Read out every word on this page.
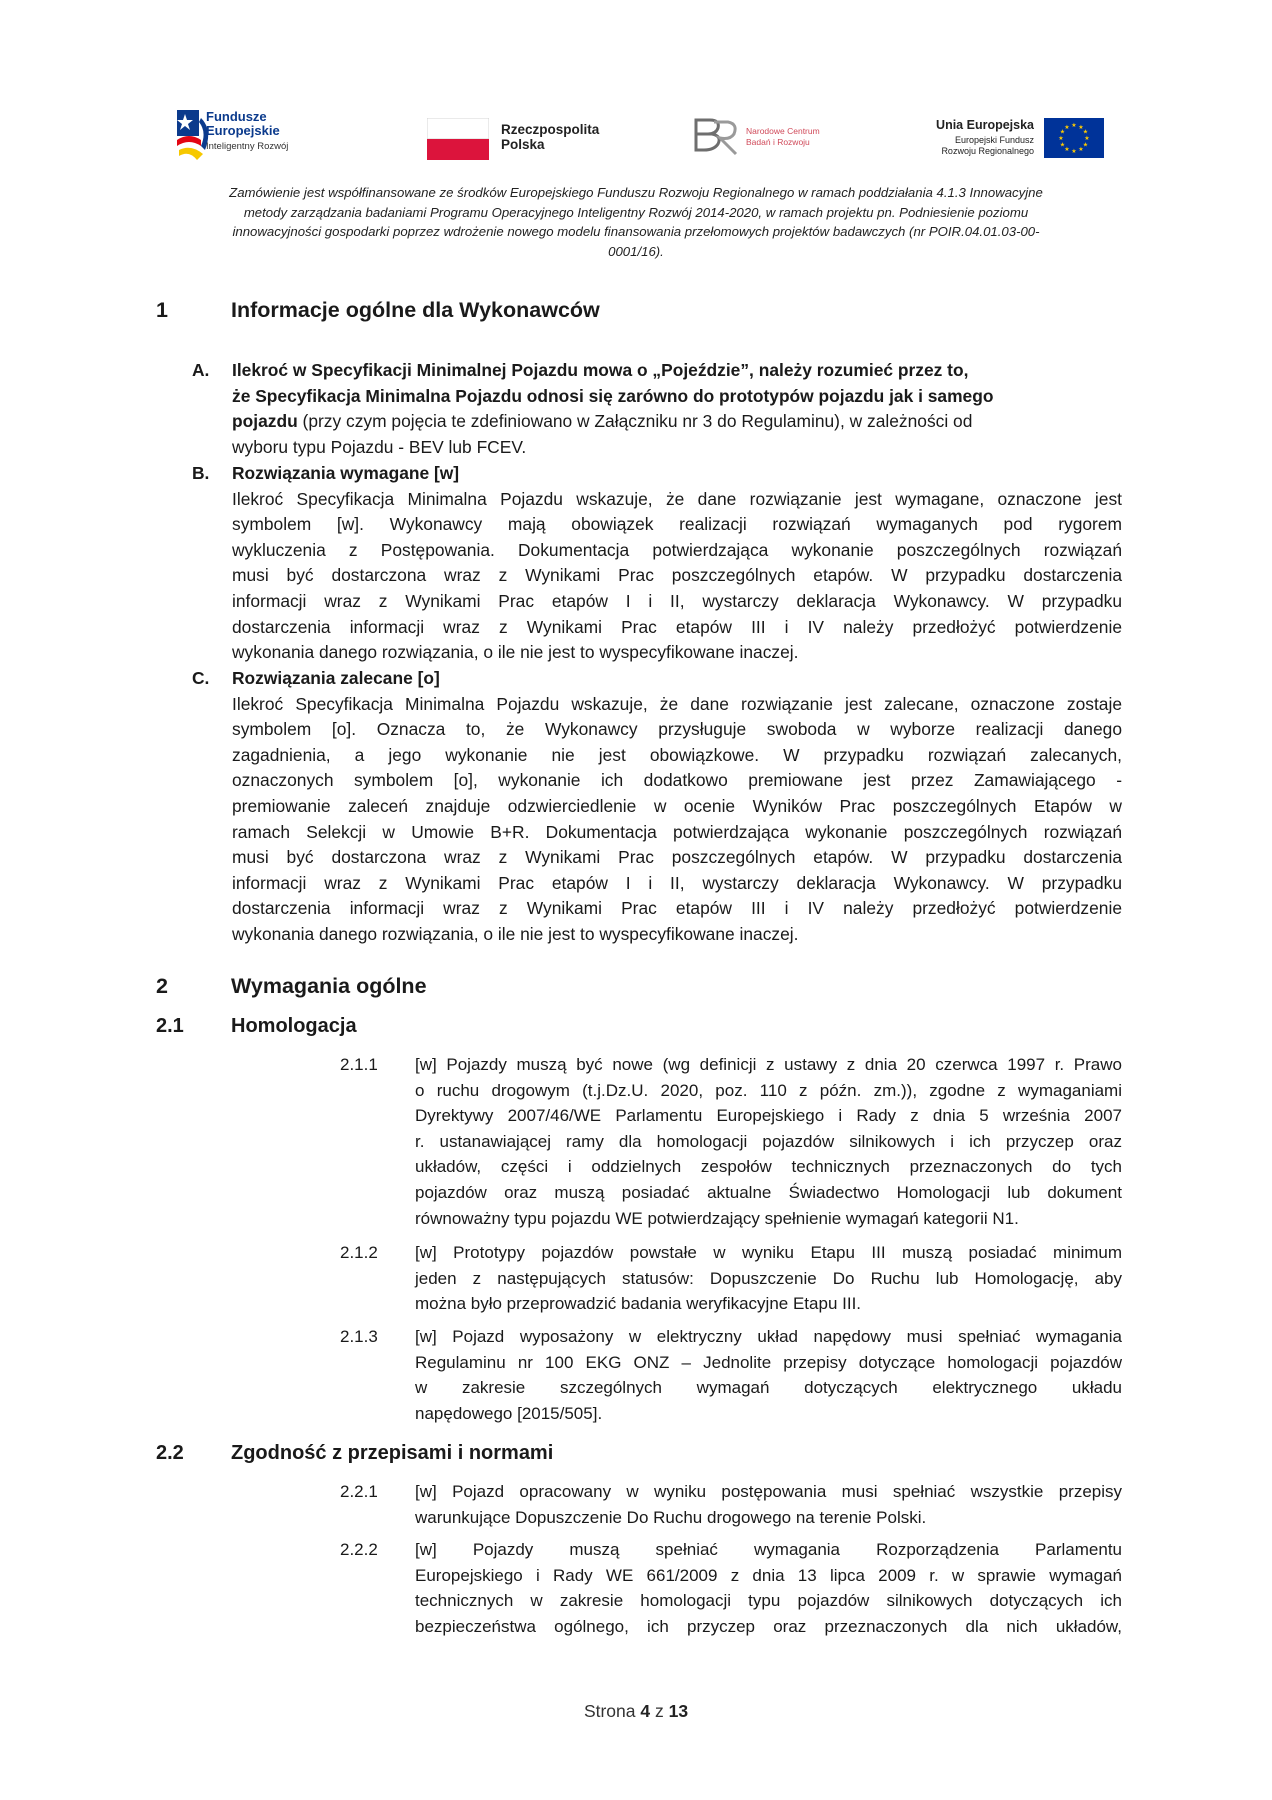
Fundusze
Europejskie
Inteligentny Rozwój
Rzeczpospolita
Polska
Narodowe Centrum
Badań i Rozwoju
Unia Europejska
Europejski Fundusz
Rozwoju Regionalnego
★ ★
★
★
★
★
★
★
★
★
★
★
Zamówienie jest współfinansowane ze środków Europejskiego Funduszu Rozwoju Regionalnego w ramach poddziałania 4.1.3 Innowacyjne
metody zarządzania badaniami Programu Operacyjnego Inteligentny Rozwój 2014-2020, w ramach projektu pn. Podniesienie poziomu
innowacyjności gospodarki poprzez wdrożenie nowego modelu finansowania przełomowych projektów badawczych (nr POIR.04.01.03-00-
0001/16).
1	Informacje ogólne dla Wykonawców
A. Ilekroć w Specyfikacji Minimalnej Pojazdu mowa o „Pojeździe”, należy rozumieć przez to,
że Specyfikacja Minimalna Pojazdu odnosi się zarówno do prototypów pojazdu jak i samego
pojazdu (przy czym pojęcia te zdefiniowano w Załączniku nr 3 do Regulaminu), w zależności od
wyboru typu Pojazdu - BEV lub FCEV.
B. Rozwiązania wymagane [w]
Ilekroć Specyfikacja Minimalna Pojazdu wskazuje, że dane rozwiązanie jest wymagane, oznaczone jest
symbolem [w]. Wykonawcy mają obowiązek realizacji rozwiązań wymaganych pod rygorem
wykluczenia z Postępowania. Dokumentacja potwierdzająca wykonanie poszczególnych rozwiązań
musi być dostarczona wraz z Wynikami Prac poszczególnych etapów. W przypadku dostarczenia
informacji wraz z Wynikami Prac etapów I i II, wystarczy deklaracja Wykonawcy. W przypadku
dostarczenia informacji wraz z Wynikami Prac etapów III i IV należy przedłożyć potwierdzenie
wykonania danego rozwiązania, o ile nie jest to wyspecyfikowane inaczej.
C. Rozwiązania zalecane [o]
Ilekroć Specyfikacja Minimalna Pojazdu wskazuje, że dane rozwiązanie jest zalecane, oznaczone zostaje
symbolem [o]. Oznacza to, że Wykonawcy przysługuje swoboda w wyborze realizacji danego
zagadnienia, a jego wykonanie nie jest obowiązkowe. W przypadku rozwiązań zalecanych,
oznaczonych symbolem [o], wykonanie ich dodatkowo premiowane jest przez Zamawiającego -
premiowanie zaleceń znajduje odzwierciedlenie w ocenie Wyników Prac poszczególnych Etapów w
ramach Selekcji w Umowie B+R. Dokumentacja potwierdzająca wykonanie poszczególnych rozwiązań
musi być dostarczona wraz z Wynikami Prac poszczególnych etapów. W przypadku dostarczenia
informacji wraz z Wynikami Prac etapów I i II, wystarczy deklaracja Wykonawcy. W przypadku
dostarczenia informacji wraz z Wynikami Prac etapów III i IV należy przedłożyć potwierdzenie
wykonania danego rozwiązania, o ile nie jest to wyspecyfikowane inaczej.
2	Wymagania ogólne
2.1 Homologacja
2.1.1 [w] Pojazdy muszą być nowe (wg definicji z ustawy z dnia 20 czerwca 1997 r. Prawo
o ruchu drogowym (t.j.Dz.U. 2020, poz. 110 z późn. zm.)), zgodne z wymaganiami
Dyrektywy 2007/46/WE Parlamentu Europejskiego i Rady z dnia 5 września 2007
r. ustanawiającej ramy dla homologacji pojazdów silnikowych i ich przyczep oraz
układów, części i oddzielnych zespołów technicznych przeznaczonych do tych
pojazdów oraz muszą posiadać aktualne Świadectwo Homologacji lub dokument
równoważny typu pojazdu WE potwierdzający spełnienie wymagań kategorii N1.
2.1.2 [w] Prototypy pojazdów powstałe w wyniku Etapu III muszą posiadać minimum
jeden z następujących statusów: Dopuszczenie Do Ruchu lub Homologację, aby
można było przeprowadzić badania weryfikacyjne Etapu III.
2.1.3 [w] Pojazd wyposażony w elektryczny układ napędowy musi spełniać wymagania
Regulaminu nr 100 EKG ONZ – Jednolite przepisy dotyczące homologacji pojazdów
w zakresie szczególnych wymagań dotyczących elektrycznego układu
napędowego [2015/505].
2.2 Zgodność z przepisami i normami
2.2.1 [w] Pojazd opracowany w wyniku postępowania musi spełniać wszystkie przepisy
warunkujące Dopuszczenie Do Ruchu drogowego na terenie Polski.
2.2.2 [w] Pojazdy muszą spełniać wymagania Rozporządzenia Parlamentu
Europejskiego i Rady WE 661/2009 z dnia 13 lipca 2009 r. w sprawie wymagań
technicznych w zakresie homologacji typu pojazdów silnikowych dotyczących ich
bezpieczeństwa ogólnego, ich przyczep oraz przeznaczonych dla nich układów,
Strona 4 z 13
